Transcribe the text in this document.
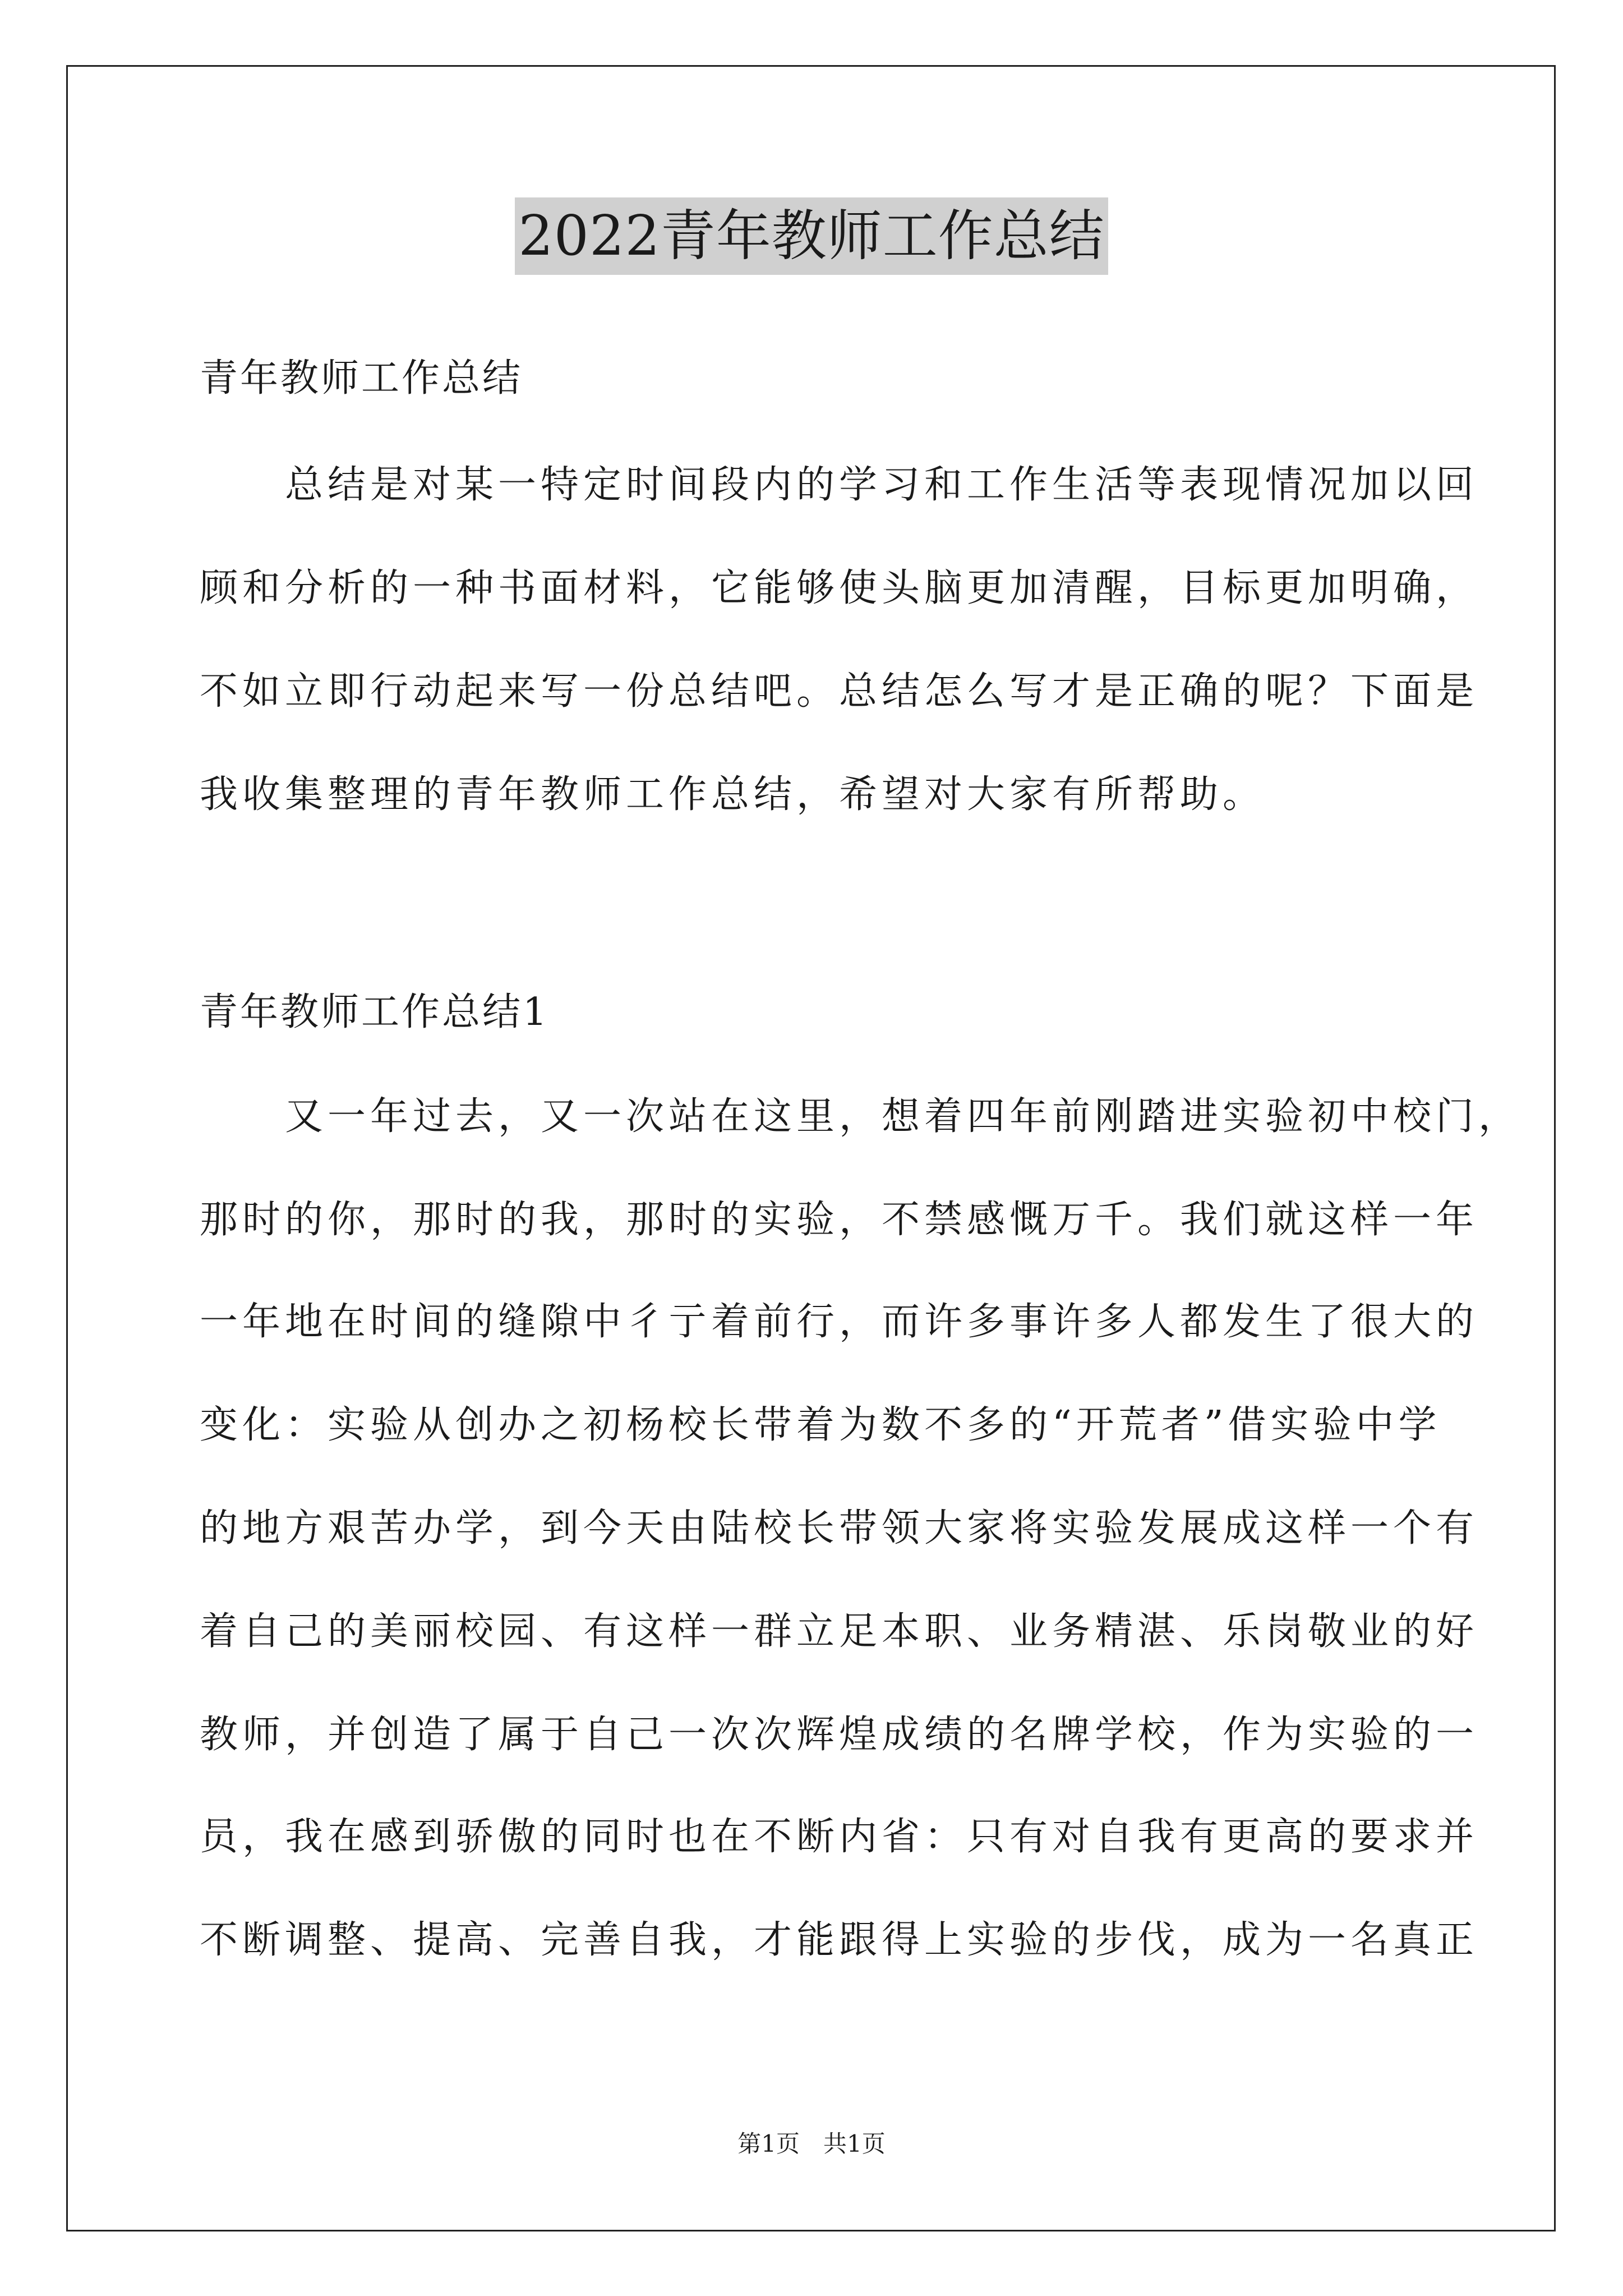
2022青年教师工作总结
青年教师工作总结
　　总结是对某一特定时间段内的学习和工作生活等表现情况加以回
顾和分析的一种书面材料，它能够使头脑更加清醒，目标更加明确，
不如立即行动起来写一份总结吧。总结怎么写才是正确的呢？下面是
我收集整理的青年教师工作总结，希望对大家有所帮助。
青年教师工作总结1
　　又一年过去，又一次站在这里，想着四年前刚踏进实验初中校门，
那时的你，那时的我，那时的实验，不禁感慨万千。我们就这样一年
一年地在时间的缝隙中彳亍着前行，而许多事许多人都发生了很大的
变化：实验从创办之初杨校长带着为数不多的“开荒者”借实验中学
的地方艰苦办学，到今天由陆校长带领大家将实验发展成这样一个有
着自己的美丽校园、有这样一群立足本职、业务精湛、乐岗敬业的好
教师，并创造了属于自己一次次辉煌成绩的名牌学校，作为实验的一
员，我在感到骄傲的同时也在不断内省：只有对自我有更高的要求并
不断调整、提高、完善自我，才能跟得上实验的步伐，成为一名真正
第1页　共1页
